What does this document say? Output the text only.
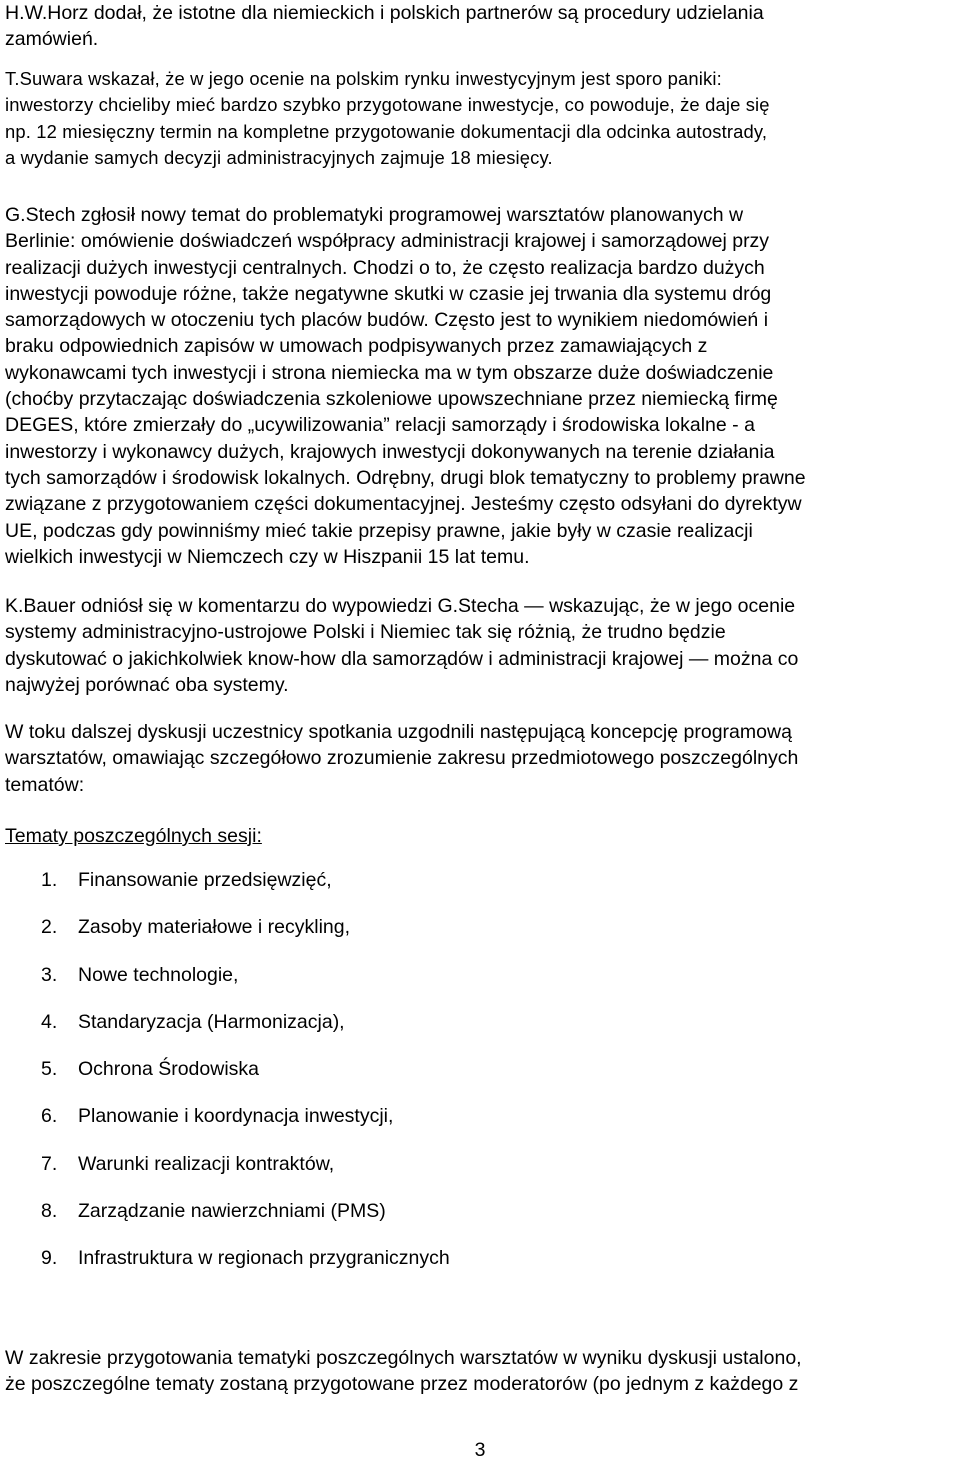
H.W.Horz dodał, że istotne dla niemieckich i polskich partnerów są procedury udzielania
zamówień.

T.Suwara wskazał, że w jego ocenie na polskim rynku inwestycyjnym jest sporo paniki:
inwestorzy chcieliby mieć bardzo szybko przygotowane inwestycje, co powoduje, że daje się
np. 12 miesięczny termin na kompletne przygotowanie dokumentacji dla odcinka autostrady,
a wydanie samych decyzji administracyjnych zajmuje 18 miesięcy.

G.Stech zgłosił nowy temat do problematyki programowej warsztatów planowanych w
Berlinie: omówienie doświadczeń współpracy administracji krajowej i samorządowej przy
realizacji dużych inwestycji centralnych. Chodzi o to, że często realizacja bardzo dużych
inwestycji powoduje różne, także negatywne skutki w czasie jej trwania dla systemu dróg
samorządowych w otoczeniu tych placów budów. Często jest to wynikiem niedomówień i
braku odpowiednich zapisów w umowach podpisywanych przez zamawiających z
wykonawcami tych inwestycji i strona niemiecka ma w tym obszarze duże doświadczenie
(choćby przytaczając doświadczenia szkoleniowe upowszechniane przez niemiecką firmę
DEGES, które zmierzały do „ucywilizowania” relacji samorządy i środowiska lokalne - a
inwestorzy i wykonawcy dużych, krajowych inwestycji dokonywanych na terenie działania
tych samorządów i środowisk lokalnych. Odrębny, drugi blok tematyczny to problemy prawne
związane z przygotowaniem części dokumentacyjnej. Jesteśmy często odsyłani do dyrektyw
UE, podczas gdy powinniśmy mieć takie przepisy prawne, jakie były w czasie realizacji
wielkich inwestycji w Niemczech czy w Hiszpanii 15 lat temu.

K.Bauer odniósł się w komentarzu do wypowiedzi G.Stecha — wskazując, że w jego ocenie
systemy administracyjno-ustrojowe Polski i Niemiec tak się różnią, że trudno będzie
dyskutować o jakichkolwiek know-how dla samorządów i administracji krajowej — można co
najwyżej porównać oba systemy.

W toku dalszej dyskusji uczestnicy spotkania uzgodnili następującą koncepcję programową
warsztatów, omawiając szczegółowo zrozumienie zakresu przedmiotowego poszczególnych
tematów:

Tematy poszczególnych sesji:

1. Finansowanie przedsięwzięć,
2. Zasoby materiałowe i recykling,
3. Nowe technologie,
4. Standaryzacja (Harmonizacja),
5. Ochrona Środowiska
6. Planowanie i koordynacja inwestycji,
7. Warunki realizacji kontraktów,
8. Zarządzanie nawierzchniami (PMS)
9. Infrastruktura w regionach przygranicznych

W zakresie przygotowania tematyki poszczególnych warsztatów w wyniku dyskusji ustalono,
że poszczególne tematy zostaną przygotowane przez moderatorów (po jednym z każdego z

3
